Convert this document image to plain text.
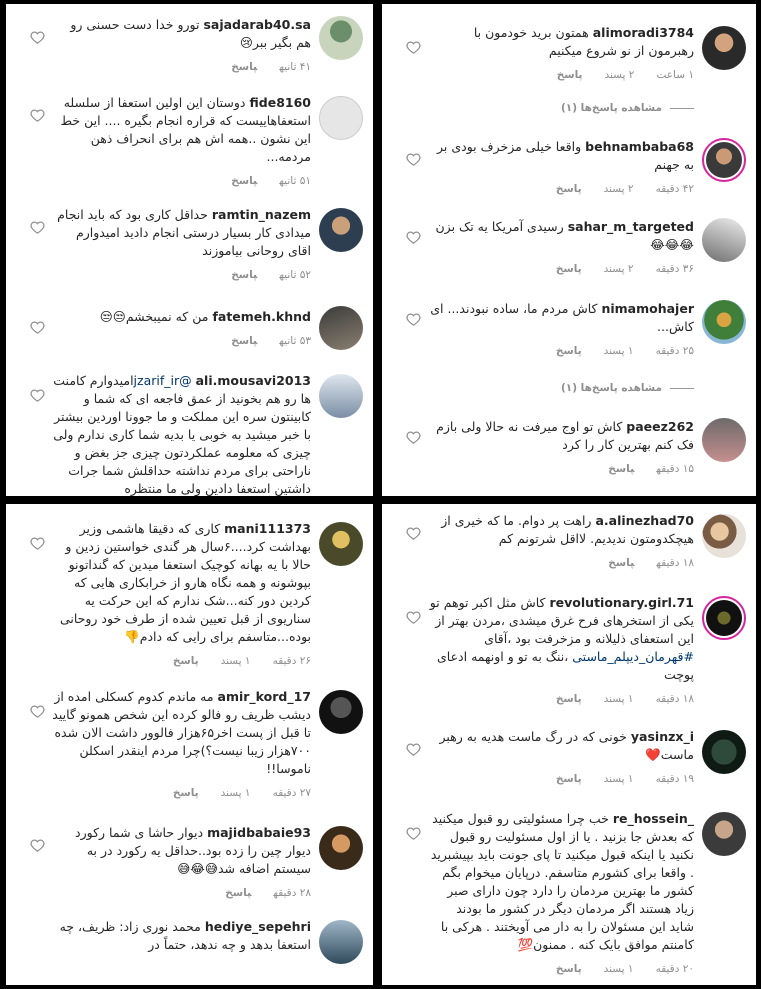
sajadarab40.saتورو خدا دست حسنی رو هم بگیر ببر😢
۴۱ ثانیهپاسخ
fide8160دوستان این اولین استعفا از سلسله استعفاهاییست که قراره انجام بگیره .... این خط این نشون ..همه اش هم برای انحراف ذهن مردمه...
۵۱ ثانیهپاسخ
ramtin_nazemحداقل کاری بود که باید انجام میدادی کار بسیار درستی انجام دادید امیدوارم اقای روحانی بیاموزند
۵۲ ثانیهپاسخ
fatemeh.khndمن که نمیبخشم😒😒
۵۳ ثانیهپاسخ
ali.mousavi2013@jzarif_irامیدوارم کامنت ها رو هم بخونید از عمق فاجعه ای که شما و کابینتون سره این مملکت و ما جوونا اوردین بیشتر با خبر میشید به خوبی یا بدیه شما کاری ندارم ولی چیزی که معلومه عملکردتون چیزی جز بغض و ناراحتی برای مردم نداشته حداقلش شما جرات داشتین استعفا دادین ولی ما منتظره
alimoradi3784همتون برید خودمون با رهبرمون از نو شروع میکنیم
۱ ساعت۲ پسندپاسخ
مشاهده پاسخ‌ها (۱)
behnambaba68واقعا خیلی مزخرف بودی بر به جهنم
۴۲ دقیقه۲ پسندپاسخ
sahar_m_targetedرسیدی آمریکا یه تک بزن 😂😂😂
۳۶ دقیقه۲ پسندپاسخ
nimamohajerکاش مردم ما، ساده نبودند... ای کاش...
۲۵ دقیقه۱ پسندپاسخ
مشاهده پاسخ‌ها (۱)
paeez262کاش تو اوج میرفت نه حالا ولی بازم فک کنم بهترین کار را کرد
۱۵ دقیقهپاسخ
mani111373کاری که دقیقا هاشمی وزیر بهداشت کرد....۶سال هر گندی خواستین زدین و حالا با یه بهانه کوچیک استعفا میدین که گنداتونو بپوشونه و همه نگاه هارو از خرابکاری هایی که کردین دور کنه...شک ندارم که این حرکت یه سناریوی از قبل تعیین شده از طرف خود روحانی بوده...متاسفم برای رایی که دادم👎
۲۶ دقیقه۱ پسندپاسخ
amir_kord_17مه ماندم کدوم کسکلی امده از دیشب ظریف رو فالو کرده این شخص همونو گایید تا قبل از پست اخر۶۵هزار فالوور داشت الان شده ۷۰۰هزار زیبا نیست؟)چرا مردم اینقدر اسکلن ناموسا!!
۲۷ دقیقه۱ پسندپاسخ
majidbabaie93دیوار حاشا ی شما رکورد دیوار چین را زده بود..حداقل یه رکورد در به سیستم اضافه شد😅😂😅
۲۸ دقیقهپاسخ
hediye_sepehriمحمد نوری زاد: ظریف، چه استعفا بدهد و چه ندهد، حتماً در
a.alinezhad70راهت پر دوام. ما که خیری از هیچکدومتون ندیدیم. لااقل شرتونم کم
۱۸ دقیقهپاسخ
revolutionary.girl.71کاش مثل اکبر توهم تو یکی از استخرهای فرح غرق میشدی ،مردن بهتر از این استعفای ذلیلانه و مزخرفت بود ،آقای #قهرمان_دیپلم_ماستی ،ننگ به تو و اونهمه ادعای پوچت
۱۸ دقیقه۱ پسندپاسخ
yasinzx_iخونی که در رگ ماست هدیه به رهبر ماست❤️
۱۹ دقیقه۱ پسندپاسخ
re_hossein_خب چرا مسئولیتی رو قبول میکنید که بعدش جا بزنید . یا از اول مسئولیت رو قبول نکنید یا اینکه قبول میکنید تا پای جونت باید بپیشبرید . واقعا برای کشورم متاسفم. درپایان میخوام بگم کشور ما بهترین مردمان را دارد چون دارای صبر زیاد هستند اگر مردمان دیگر در کشور ما بودند شاید این مسئولان را به دار می آویختند . هرکی با کامنتم موافق بایک کنه . ممنون💯
۲۰ دقیقه۱ پسندپاسخ
